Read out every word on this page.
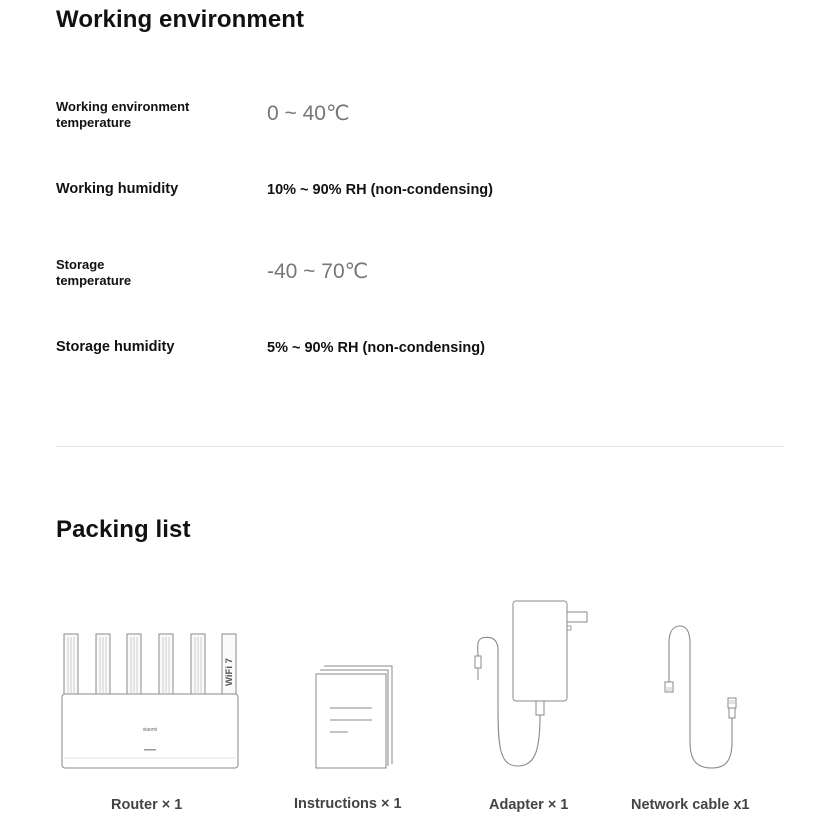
Working environment
Working environment temperature	0 ~ 40℃
Working humidity	10% ~ 90% RH (non-condensing)
Storage temperature	-40 ~ 70℃
Storage humidity	5% ~ 90% RH (non-condensing)
Packing list
xiaomi
WiFi 7
Router × 1	Instructions × 1	Adapter × 1	Network cable x1
